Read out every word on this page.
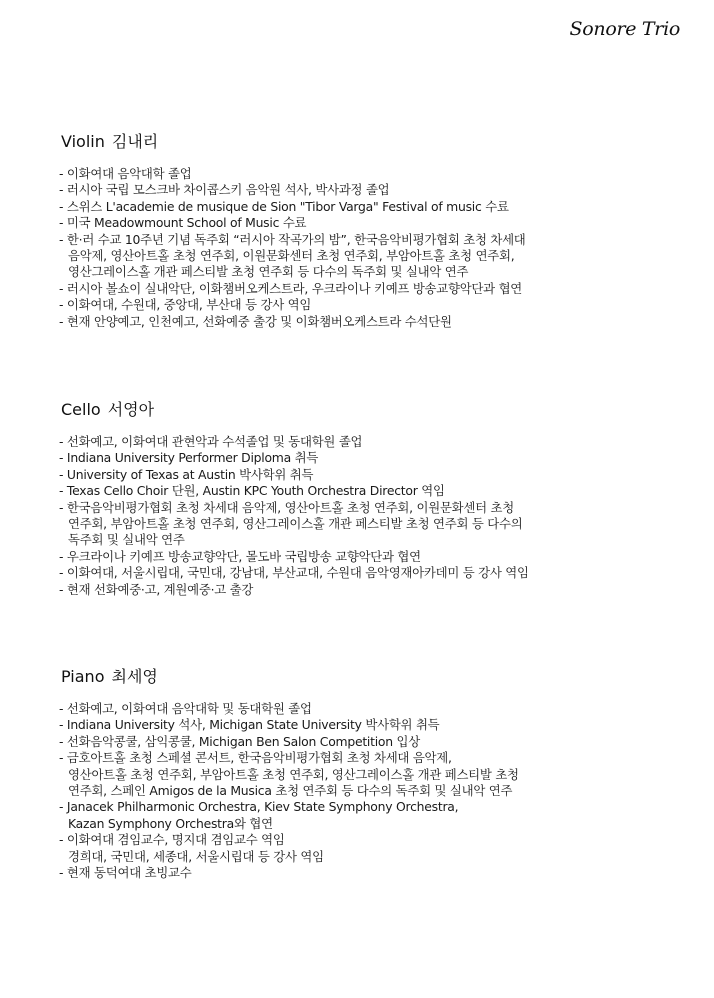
Sonore Trio
Violin 김내리
- 이화여대 음악대학 졸업
- 러시아 국립 모스크바 차이콥스키 음악원 석사, 박사과정 졸업
- 스위스 L'academie de musique de Sion "Tibor Varga" Festival of music 수료
- 미국 Meadowmount School of Music 수료
- 한·러 수교 10주년 기념 독주회 “러시아 작곡가의 밤”, 한국음악비평가협회 초청 차세대
음악제, 영산아트홀 초청 연주회, 이원문화센터 초청 연주회, 부암아트홀 초청 연주회,
영산그레이스홀 개관 페스티발 초청 연주회 등 다수의 독주회 및 실내악 연주
- 러시아 볼쇼이 실내악단, 이화챔버오케스트라, 우크라이나 키예프 방송교향악단과 협연
- 이화여대, 수원대, 중앙대, 부산대 등 강사 역임
- 현재 안양예고, 인천예고, 선화예중 출강 및 이화챔버오케스트라 수석단원
Cello 서영아
- 선화예고, 이화여대 관현악과 수석졸업 및 동대학원 졸업
- Indiana University Performer Diploma 취득
- University of Texas at Austin 박사학위 취득
- Texas Cello Choir 단원, Austin KPC Youth Orchestra Director 역임
- 한국음악비평가협회 초청 차세대 음악제, 영산아트홀 초청 연주회, 이원문화센터 초청
연주회, 부암아트홀 초청 연주회, 영산그레이스홀 개관 페스티발 초청 연주회 등 다수의
독주회 및 실내악 연주
- 우크라이나 키예프 방송교향악단, 몰도바 국립방송 교향악단과 협연
- 이화여대, 서울시립대, 국민대, 강남대, 부산교대, 수원대 음악영재아카데미 등 강사 역임
- 현재 선화예중·고, 계원예중·고 출강
Piano 최세영
- 선화예고, 이화여대 음악대학 및 동대학원 졸업
- Indiana University 석사, Michigan State University 박사학위 취득
- 선화음악콩쿨, 삼익콩쿨, Michigan Ben Salon Competition 입상
- 금호아트홀 초청 스페셜 콘서트, 한국음악비평가협회 초청 차세대 음악제,
영산아트홀 초청 연주회, 부암아트홀 초청 연주회, 영산그레이스홀 개관 페스티발 초청
연주회, 스페인 Amigos de la Musica 초청 연주회 등 다수의 독주회 및 실내악 연주
- Janacek Philharmonic Orchestra, Kiev State Symphony Orchestra,
Kazan Symphony Orchestra와 협연
- 이화여대 겸임교수, 명지대 겸임교수 역임
경희대, 국민대, 세종대, 서울시립대 등 강사 역임
- 현재 동덕여대 초빙교수
